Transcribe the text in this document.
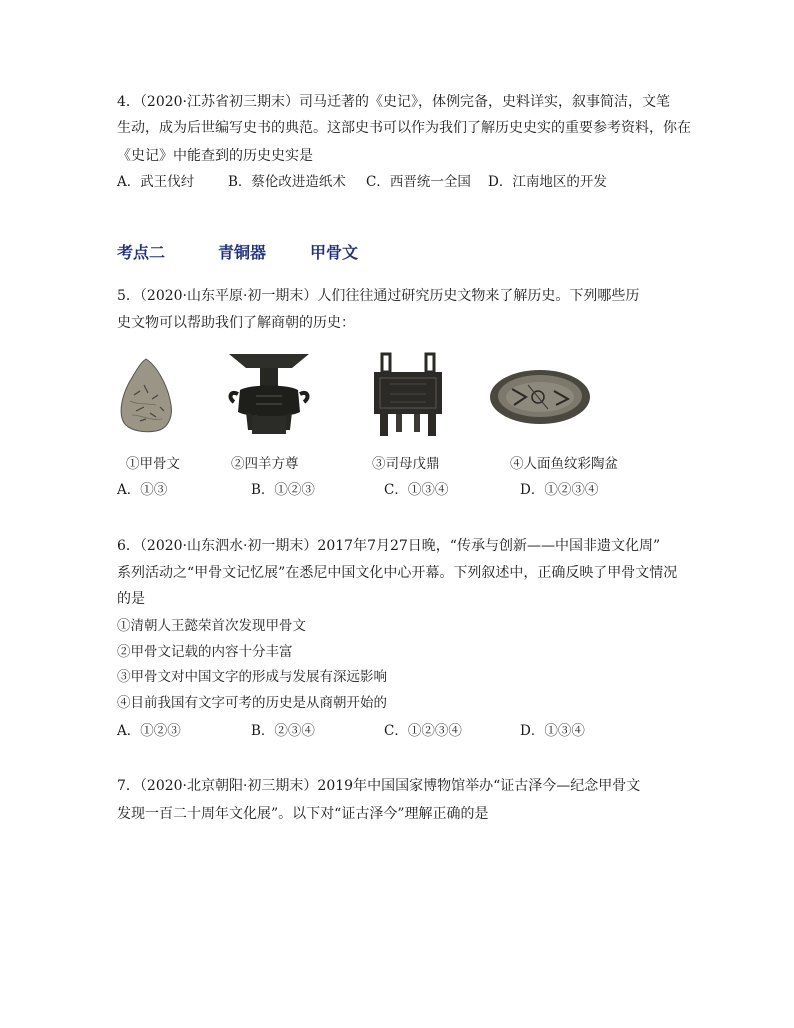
4．（2020·江苏省初三期末）司马迁著的《史记》，体例完备，史料详实，叙事简洁，文笔
生动，成为后世编写史书的典范。这部史书可以作为我们了解历史史实的重要参考资料，你在
《史记》中能查到的历史史实是
A．武王伐纣	B．蔡伦改进造纸术 C．西晋统一全国 D．江南地区的开发
考点二	青铜器	甲骨文
5．（2020·山东平原·初一期末）人们往往通过研究历史文物来了解历史。下列哪些历
史文物可以帮助我们了解商朝的历史：
①甲骨文	②四羊方尊	③司母戊鼎	④人面鱼纹彩陶盆
A．①③	B．①②③	C．①③④	D．①②③④
6．（2020·山东泗水·初一期末）2017年7月27日晚，“传承与创新——中国非遗文化周”
系列活动之“甲骨文记忆展”在悉尼中国文化中心开幕。下列叙述中，正确反映了甲骨文情况
的是
①清朝人王懿荣首次发现甲骨文
②甲骨文记载的内容十分丰富
③甲骨文对中国文字的形成与发展有深远影响
④目前我国有文字可考的历史是从商朝开始的
A．①②③	B．②③④	C．①②③④	D．①③④
7．（2020·北京朝阳·初三期末）2019年中国国家博物馆举办“证古泽今—纪念甲骨文
发现一百二十周年文化展”。以下对“证古泽今”理解正确的是
